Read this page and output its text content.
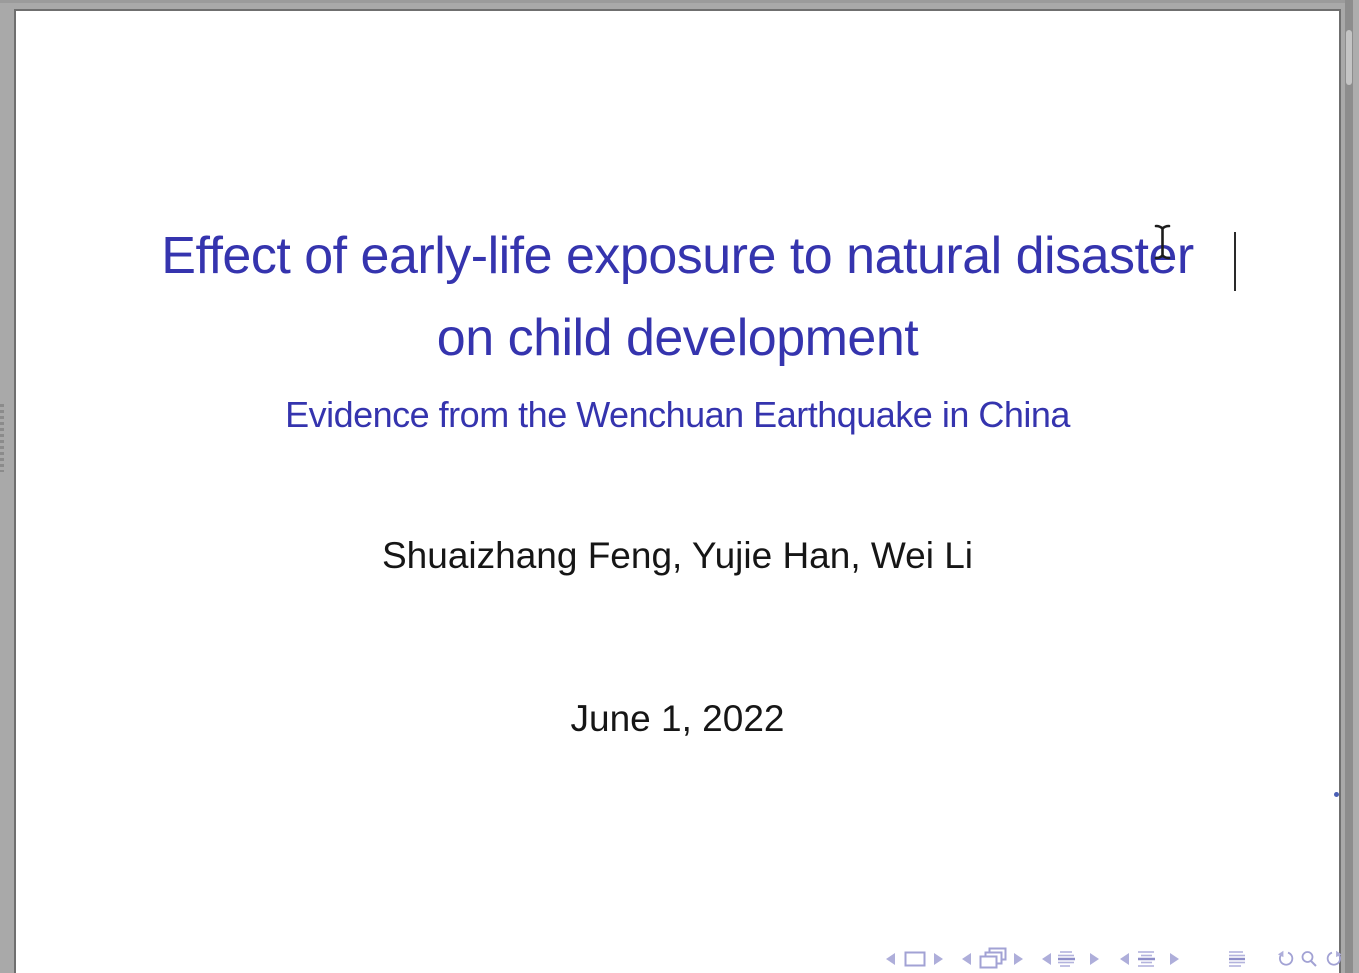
Effect of early-life exposure to natural disaster
on child development
Evidence from the Wenchuan Earthquake in China
Shuaizhang Feng, Yujie Han, Wei Li
June 1, 2022
